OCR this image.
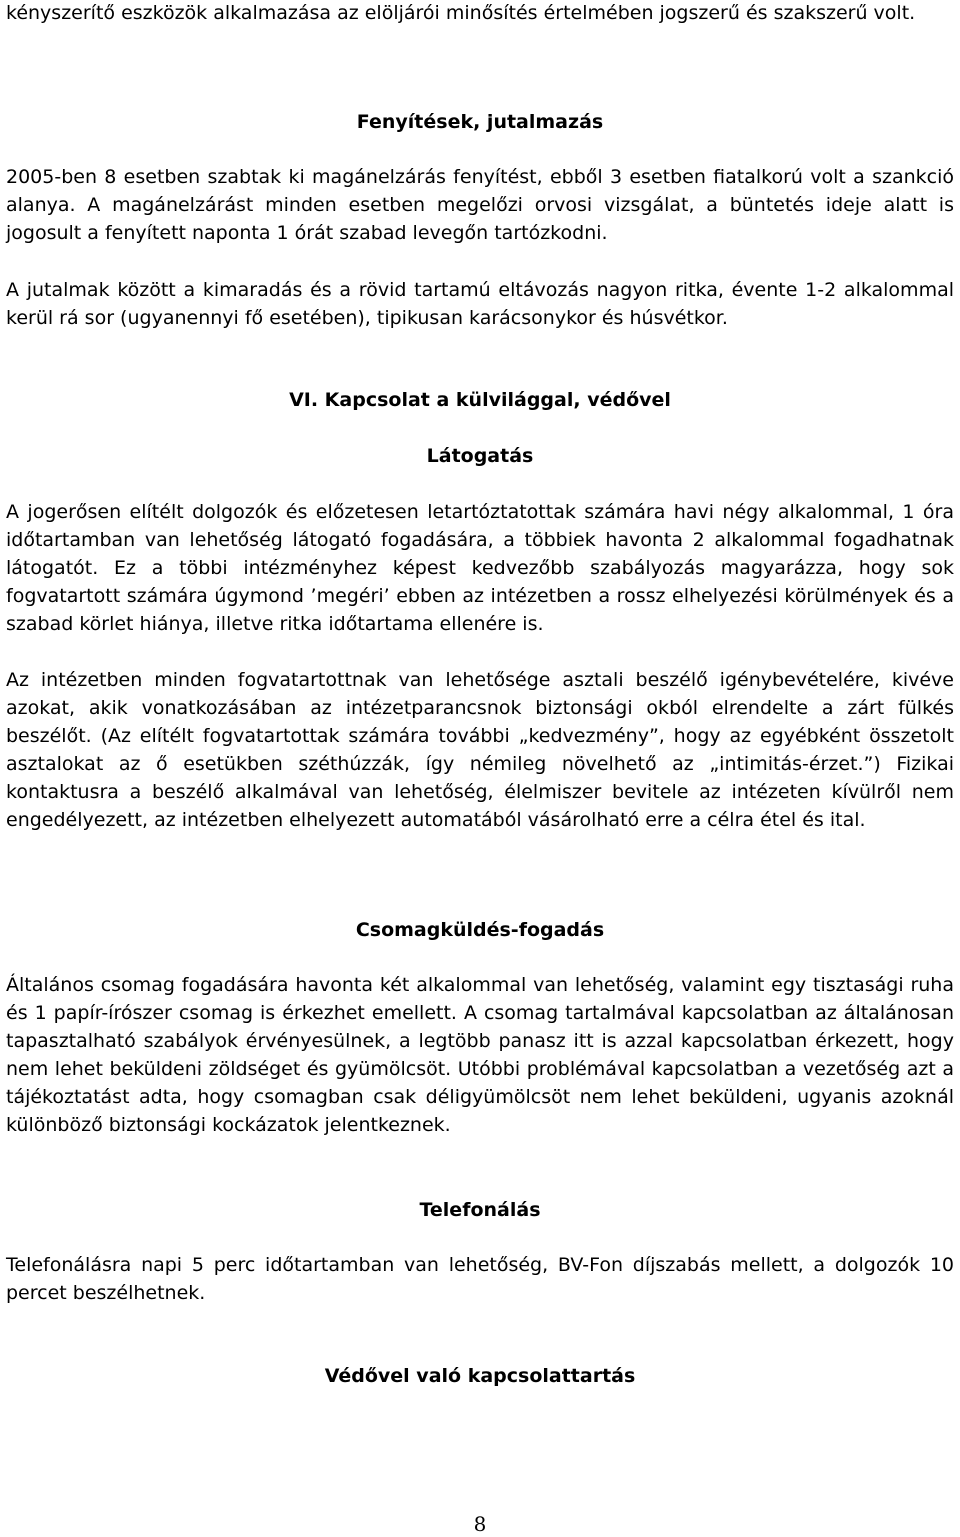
kényszerítő eszközök alkalmazása az elöljárói minősítés értelmében jogszerű és szakszerű volt.

Fenyítések, jutalmazás

2005-ben 8 esetben szabtak ki magánelzárás fenyítést, ebből 3 esetben fiatalkorú volt a szankció alanya. A magánelzárást minden esetben megelőzi orvosi vizsgálat, a büntetés ideje alatt is jogosult a fenyített naponta 1 órát szabad levegőn tartózkodni.

A jutalmak között a kimaradás és a rövid tartamú eltávozás nagyon ritka, évente 1-2 alkalommal kerül rá sor (ugyanennyi fő esetében), tipikusan karácsonykor és húsvétkor.

VI. Kapcsolat a külvilággal, védővel
Látogatás

A jogerősen elítélt dolgozók és előzetesen letartóztatottak számára havi négy alkalommal, 1 óra időtartamban van lehetőség látogató fogadására, a többiek havonta 2 alkalommal fogadhatnak látogatót. Ez a többi intézményhez képest kedvezőbb szabályozás magyarázza, hogy sok fogvatartott számára úgymond ’megéri’ ebben az intézetben a rossz elhelyezési körülmények és a szabad körlet hiánya, illetve ritka időtartama ellenére is.

Az intézetben minden fogvatartottnak van lehetősége asztali beszélő igénybevételére, kivéve azokat, akik vonatkozásában az intézetparancsnok biztonsági okból elrendelte a zárt fülkés beszélőt. (Az elítélt fogvatartottak számára további „kedvezmény”, hogy az egyébként összetolt asztalokat az ő esetükben széthúzzák, így némileg növelhető az „intimitás-érzet.”) Fizikai kontaktusra a beszélő alkalmával van lehetőség, élelmiszer bevitele az intézeten kívülről nem engedélyezett, az intézetben elhelyezett automatából vásárolható erre a célra étel és ital.

Csomagküldés-fogadás

Általános csomag fogadására havonta két alkalommal van lehetőség, valamint egy tisztasági ruha és 1 papír-írószer csomag is érkezhet emellett. A csomag tartalmával kapcsolatban az általánosan tapasztalható szabályok érvényesülnek, a legtöbb panasz itt is azzal kapcsolatban érkezett, hogy nem lehet beküldeni zöldséget és gyümölcsöt. Utóbbi problémával kapcsolatban a vezetőség azt a tájékoztatást adta, hogy csomagban csak déligyümölcsöt nem lehet beküldeni, ugyanis azoknál különböző biztonsági kockázatok jelentkeznek.

Telefonálás

Telefonálásra napi 5 perc időtartamban van lehetőség, BV-Fon díjszabás mellett, a dolgozók 10 percet beszélhetnek.

Védővel való kapcsolattartás
8
